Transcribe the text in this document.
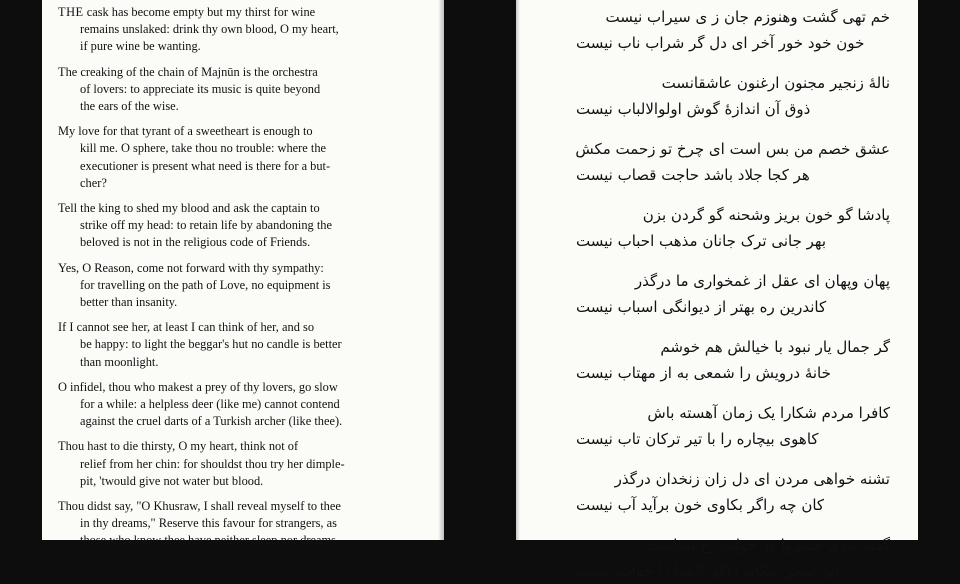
THE cask has become empty but my thirst for wine
remains unslaked: drink thy own blood, O my heart,
if pure wine be wanting.
The creaking of the chain of Majnūn is the orchestra
of lovers: to appreciate its music is quite beyond
the ears of the wise.
My love for that tyrant of a sweetheart is enough to
kill me. O sphere, take thou no trouble: where the
executioner is present what need is there for a but-
cher?
Tell the king to shed my blood and ask the captain to
strike off my head: to retain life by abandoning the
beloved is not in the religious code of Friends.
Yes, O Reason, come not forward with thy sympathy:
for travelling on the path of Love, no equipment is
better than insanity.
If I cannot see her, at least I can think of her, and so
be happy: to light the beggar's hut no candle is better
than moonlight.
O infidel, thou who makest a prey of thy lovers, go slow
for a while: a helpless deer (like me) cannot contend
against the cruel darts of a Turkish archer (like thee).
Thou hast to die thirsty, O my heart, think not of
relief from her chin: for shouldst thou try her dimple-
pit, 'twould give not water but blood.
Thou didst say, "O Khusraw, I shall reveal myself to thee
in thy dreams," Reserve this favour for strangers, as
those who know thee have neither sleep nor dreams.
خم تهی گشت وهنوزم جان ز ی سیراب نیست
خون خود خور آخر ای دل گر شراب ناب نیست
نالهٔ زنجیر مجنون ارغنون عاشقانست
ذوق آن اندازهٔ گوش اولوالالباب نیست
عشق خصم من بس است ای چرخ تو زحمت مکش
هر کجا جلاد باشد حاجت قصاب نیست
پادشا گو خون بریز وشحنه گو گردن بزن
بهر جانی ترک جانان مذهب احباب نیست
پهان وپهان ای عقل از غمخواری ما درگذر
کاندرین ره بهتر از دیوانگی اسباب نیست
گر جمال یار نبود با خیالش هم خوشم
خانهٔ درویش را شمعی به از مهتاب نیست
کافرا مردم شکارا یک زمان آهسته باش
کاهوی بیچاره را با تیر ترکان تاب نیست
تشنه خواهی مردن ای دل زان زنخدان درگذر
کان چه راگر بکاوی خون برآید آب نیست
گفته بودی خسروا در خواب رخ بنمایمت
این سخن بیگانه راگو کآشنا را خواب نیست
